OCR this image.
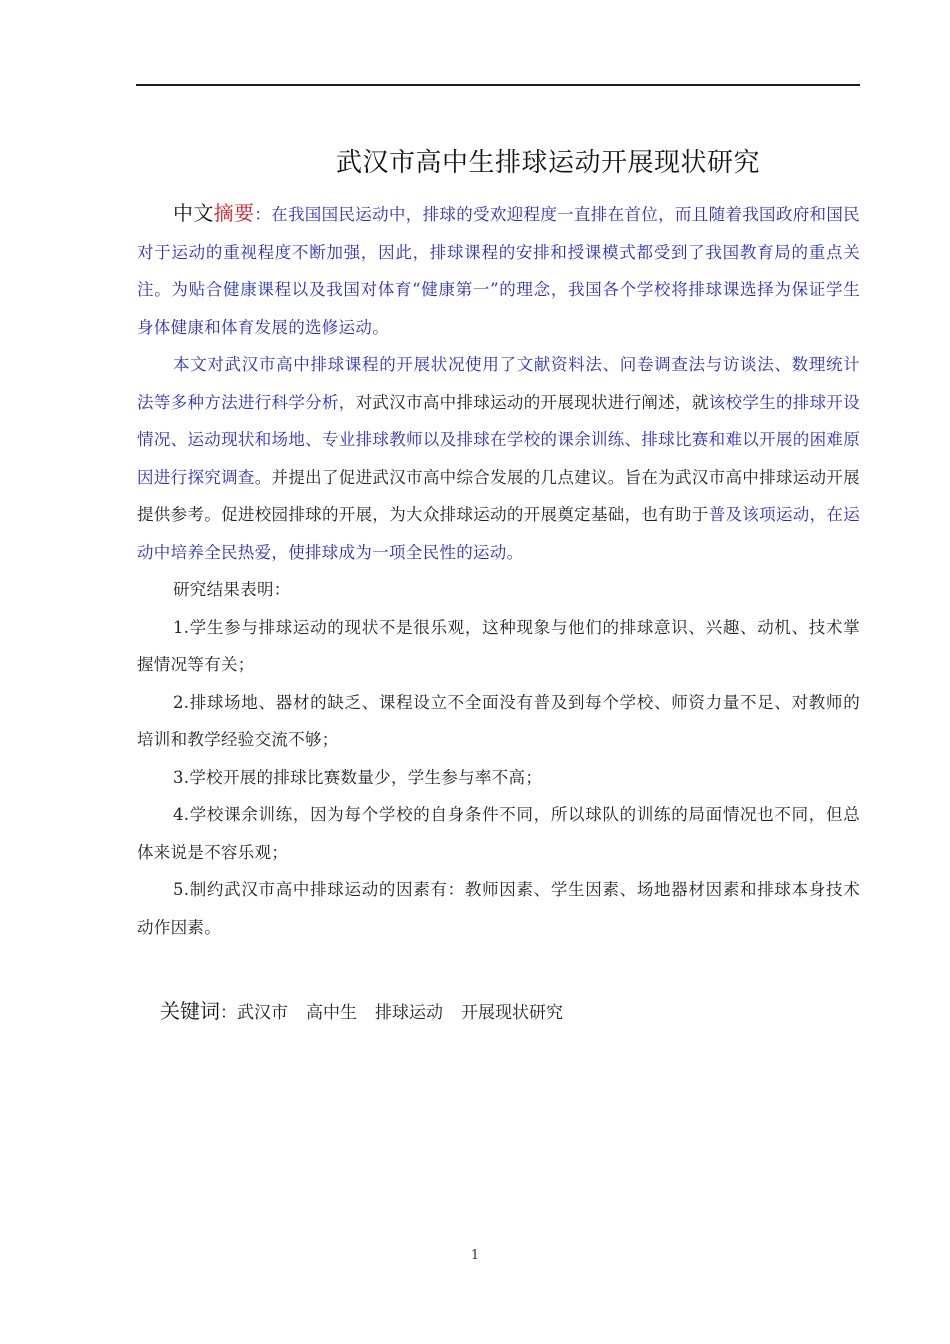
武汉市高中生排球运动开展现状研究

中文摘要：在我国国民运动中，排球的受欢迎程度一直排在首位，而且随着我国政府和国民对于运动的重视程度不断加强，因此，排球课程的安排和授课模式都受到了我国教育局的重点关注。为贴合健康课程以及我国对体育“健康第一”的理念，我国各个学校将排球课选择为保证学生身体健康和体育发展的选修运动。

本文对武汉市高中排球课程的开展状况使用了文献资料法、问卷调查法与访谈法、数理统计法等多种方法进行科学分析，对武汉市高中排球运动的开展现状进行阐述，就该校学生的排球开设情况、运动现状和场地、专业排球教师以及排球在学校的课余训练、排球比赛和难以开展的困难原因进行探究调查。并提出了促进武汉市高中综合发展的几点建议。旨在为武汉市高中排球运动开展提供参考。促进校园排球的开展，为大众排球运动的开展奠定基础，也有助于普及该项运动，在运动中培养全民热爱，使排球成为一项全民性的运动。

研究结果表明：

1.学生参与排球运动的现状不是很乐观，这种现象与他们的排球意识、兴趣、动机、技术掌握情况等有关；

2.排球场地、器材的缺乏、课程设立不全面没有普及到每个学校、师资力量不足、对教师的培训和教学经验交流不够；

3.学校开展的排球比赛数量少，学生参与率不高；

4.学校课余训练，因为每个学校的自身条件不同，所以球队的训练的局面情况也不同，但总体来说是不容乐观；

5.制约武汉市高中排球运动的因素有：教师因素、学生因素、场地器材因素和排球本身技术动作因素。

关键词：武汉市 高中生 排球运动 开展现状研究
1
